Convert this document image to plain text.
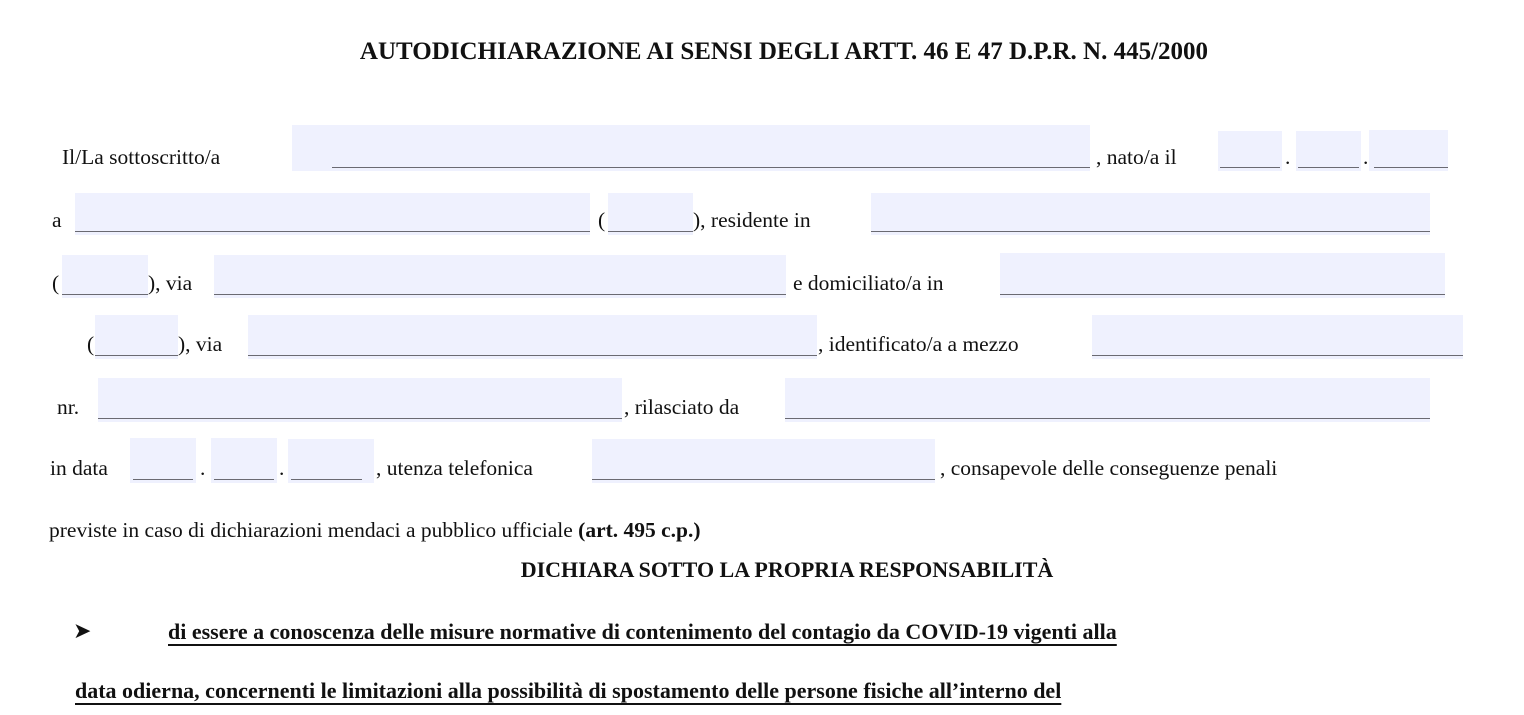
AUTODICHIARAZIONE AI SENSI DEGLI ARTT. 46 E 47 D.P.R. N. 445/2000
Il/La sottoscritto/a	, nato/a il	.	.
a	(	), residente in
(	), via	e domiciliato/a in
(	), via	, identificato/a a mezzo
nr.	, rilasciato da
in data	.	.	, utenza telefonica	, consapevole delle conseguenze penali
previste in caso di dichiarazioni mendaci a pubblico ufficiale (art. 495 c.p.)
DICHIARA SOTTO LA PROPRIA RESPONSABILITÀ
➤	di essere a conoscenza delle misure normative di contenimento del contagio da COVID-19 vigenti alla
data odierna, concernenti le limitazioni alla possibilità di spostamento delle persone fisiche all’interno del
